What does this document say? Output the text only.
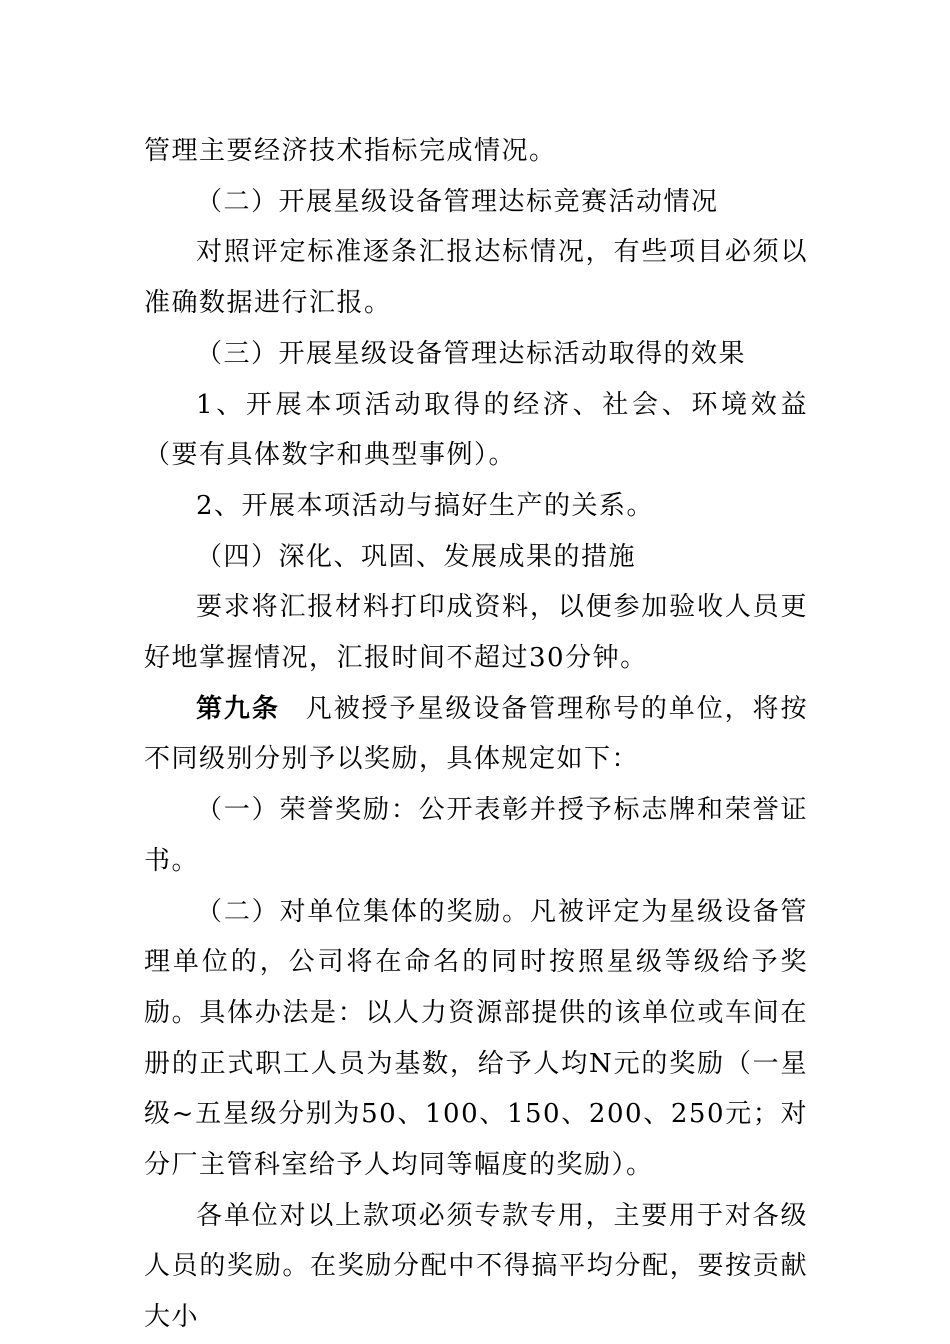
管理主要经济技术指标完成情况。

（二）开展星级设备管理达标竞赛活动情况

对照评定标准逐条汇报达标情况，有些项目必须以准确数据进行汇报。

（三）开展星级设备管理达标活动取得的效果

1、开展本项活动取得的经济、社会、环境效益（要有具体数字和典型事例）。

2、开展本项活动与搞好生产的关系。

（四）深化、巩固、发展成果的措施

要求将汇报材料打印成资料，以便参加验收人员更好地掌握情况，汇报时间不超过30分钟。

第九条 凡被授予星级设备管理称号的单位，将按不同级别分别予以奖励，具体规定如下：

（一）荣誉奖励：公开表彰并授予标志牌和荣誉证书。

（二）对单位集体的奖励。凡被评定为星级设备管理单位的，公司将在命名的同时按照星级等级给予奖励。具体办法是：以人力资源部提供的该单位或车间在册的正式职工人员为基数，给予人均N元的奖励（一星级~五星级分别为50、100、150、200、250元；对分厂主管科室给予人均同等幅度的奖励）。

各单位对以上款项必须专款专用，主要用于对各级人员的奖励。在奖励分配中不得搞平均分配，要按贡献大小
